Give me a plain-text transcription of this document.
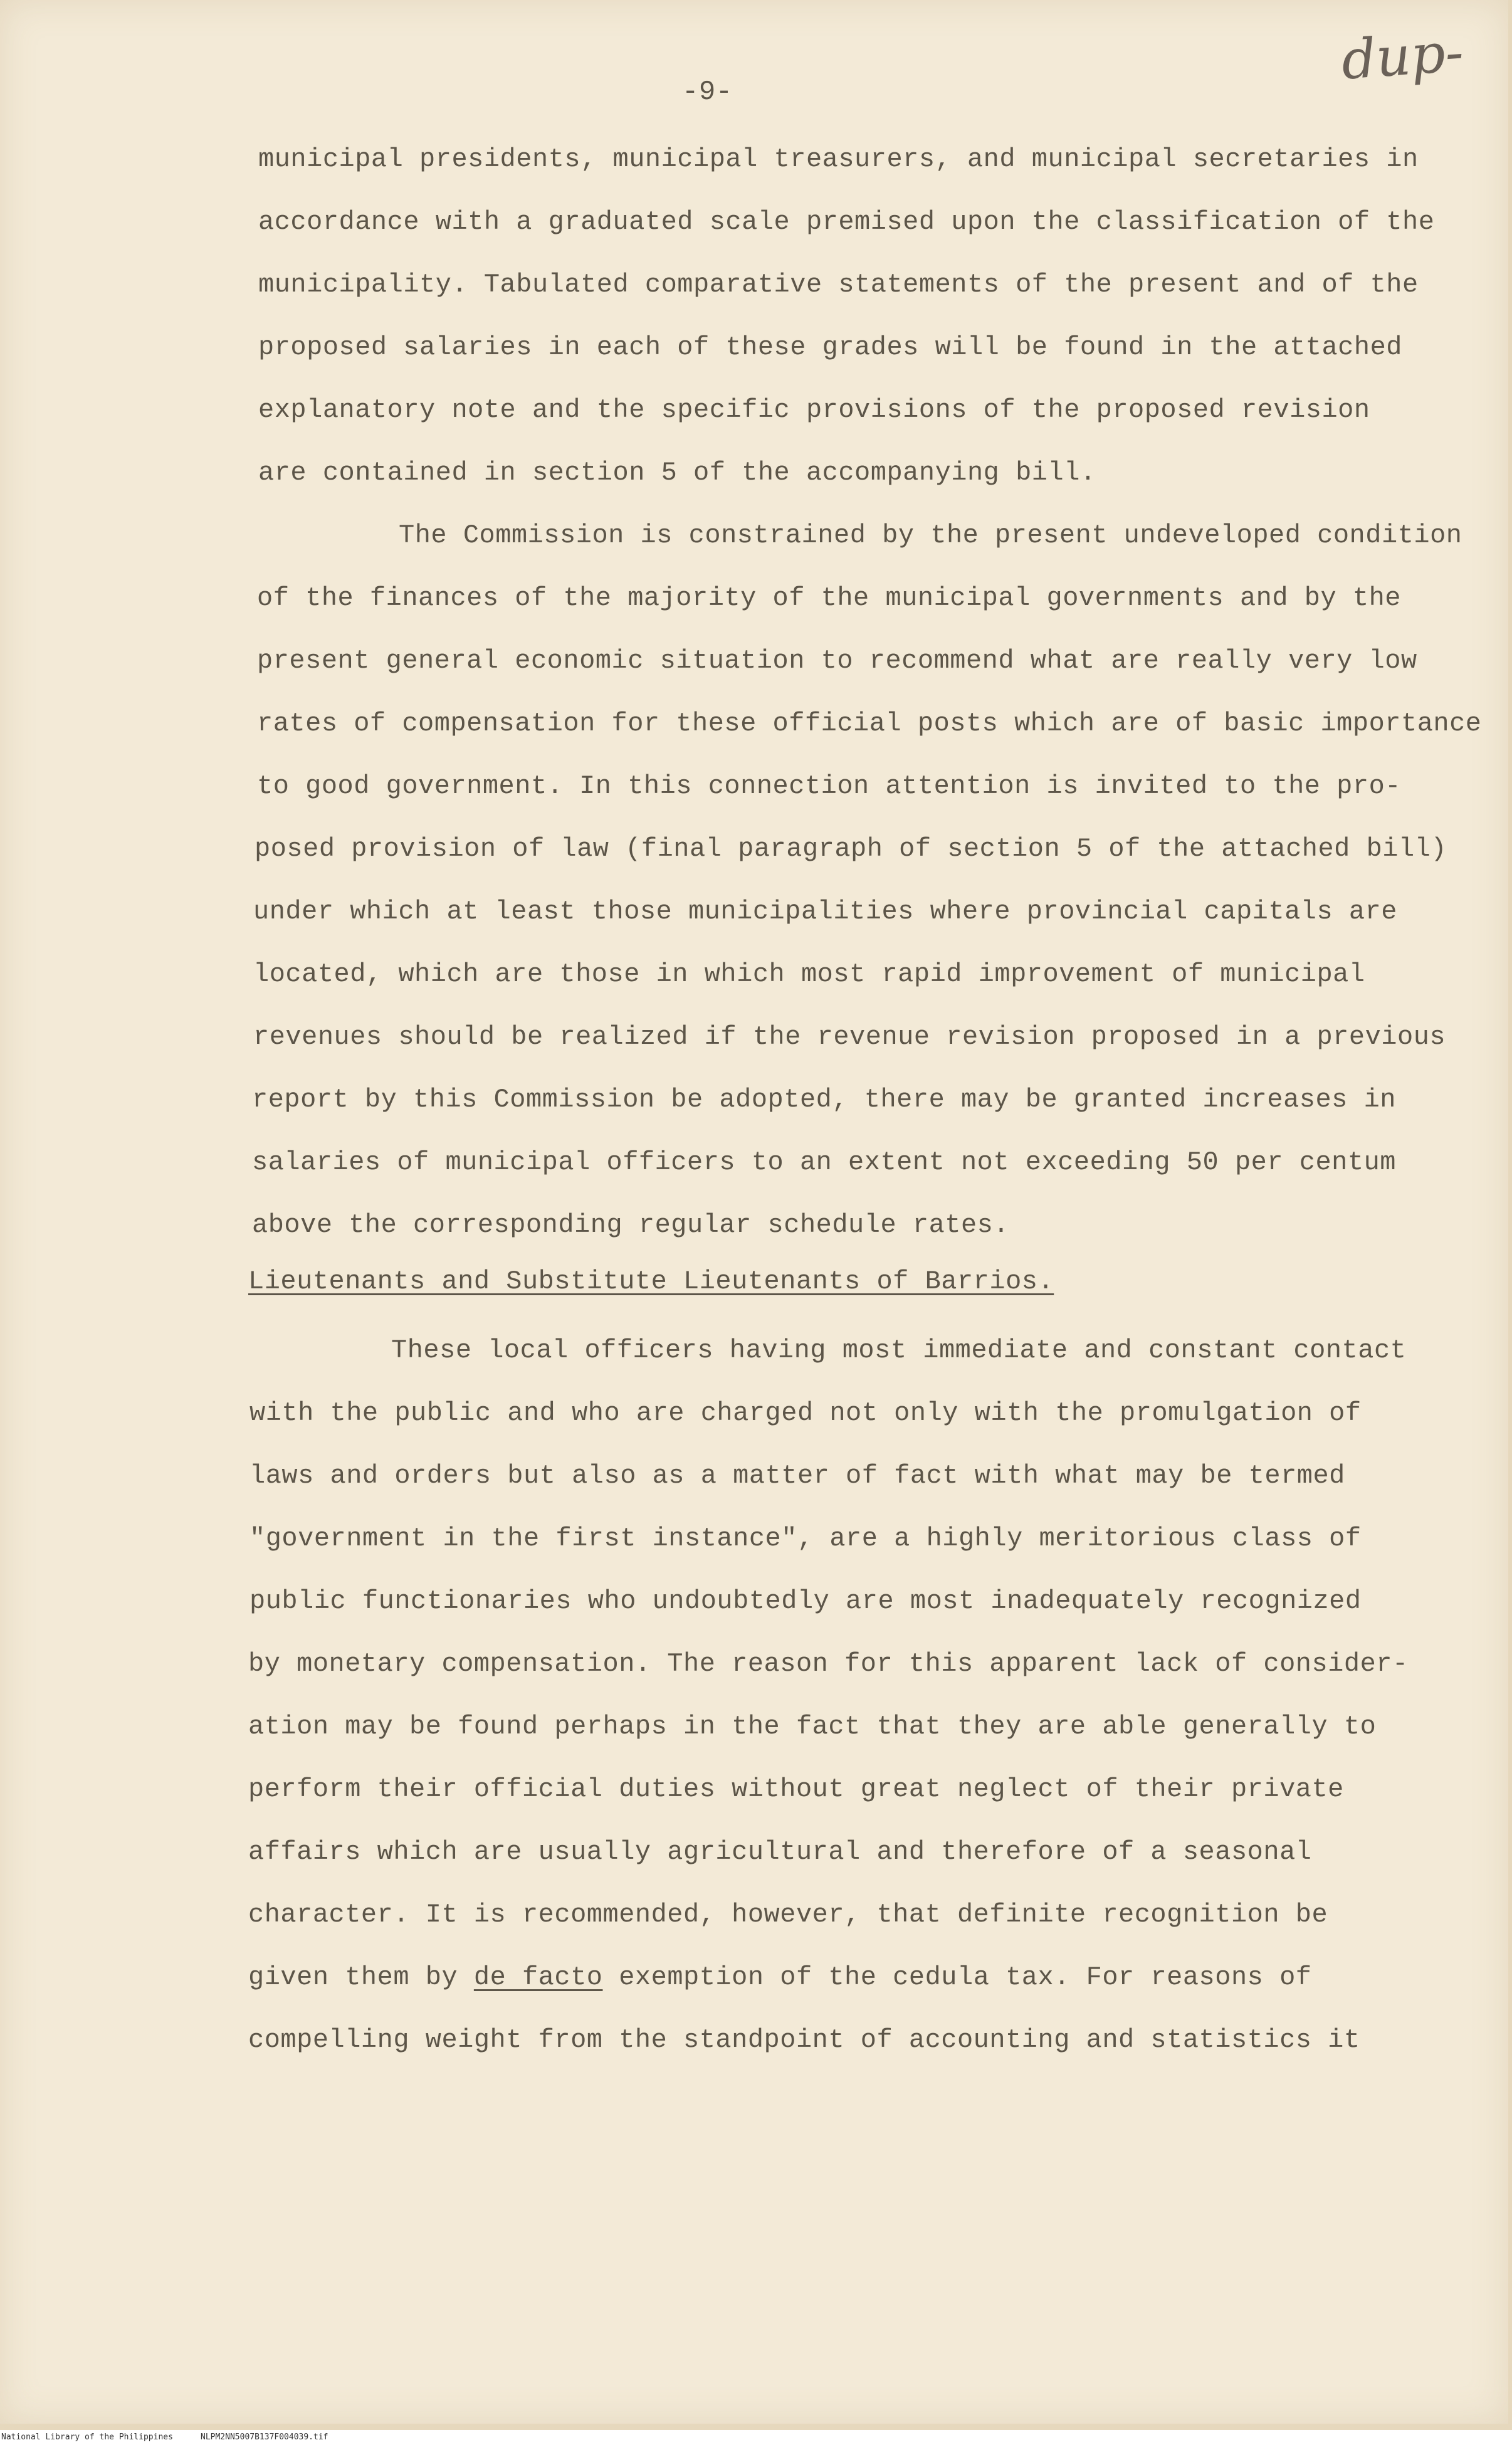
-9-
dup-
municipal presidents, municipal treasurers, and municipal secretaries in
accordance with a graduated scale premised upon the classification of the
municipality. Tabulated comparative statements of the present and of the
proposed salaries in each of these grades will be found in the attached
explanatory note and the specific provisions of the proposed revision
are contained in section 5 of the accompanying bill.
The Commission is constrained by the present undeveloped condition
of the finances of the majority of the municipal governments and by the
present general economic situation to recommend what are really very low
rates of compensation for these official posts which are of basic importance
to good government. In this connection attention is invited to the pro-
posed provision of law (final paragraph of section 5 of the attached bill)
under which at least those municipalities where provincial capitals are
located, which are those in which most rapid improvement of municipal
revenues should be realized if the revenue revision proposed in a previous
report by this Commission be adopted, there may be granted increases in
salaries of municipal officers to an extent not exceeding 50 per centum
above the corresponding regular schedule rates.
Lieutenants and Substitute Lieutenants of Barrios.
These local officers having most immediate and constant contact
with the public and who are charged not only with the promulgation of
laws and orders but also as a matter of fact with what may be termed
"government in the first instance", are a highly meritorious class of
public functionaries who undoubtedly are most inadequately recognized
by monetary compensation. The reason for this apparent lack of consider-
ation may be found perhaps in the fact that they are able generally to
perform their official duties without great neglect of their private
affairs which are usually agricultural and therefore of a seasonal
character. It is recommended, however, that definite recognition be
given them by de facto exemption of the cedula tax. For reasons of
compelling weight from the standpoint of accounting and statistics it
National Library of the Philippines	NLPM2NN5007B137F004039.tif
